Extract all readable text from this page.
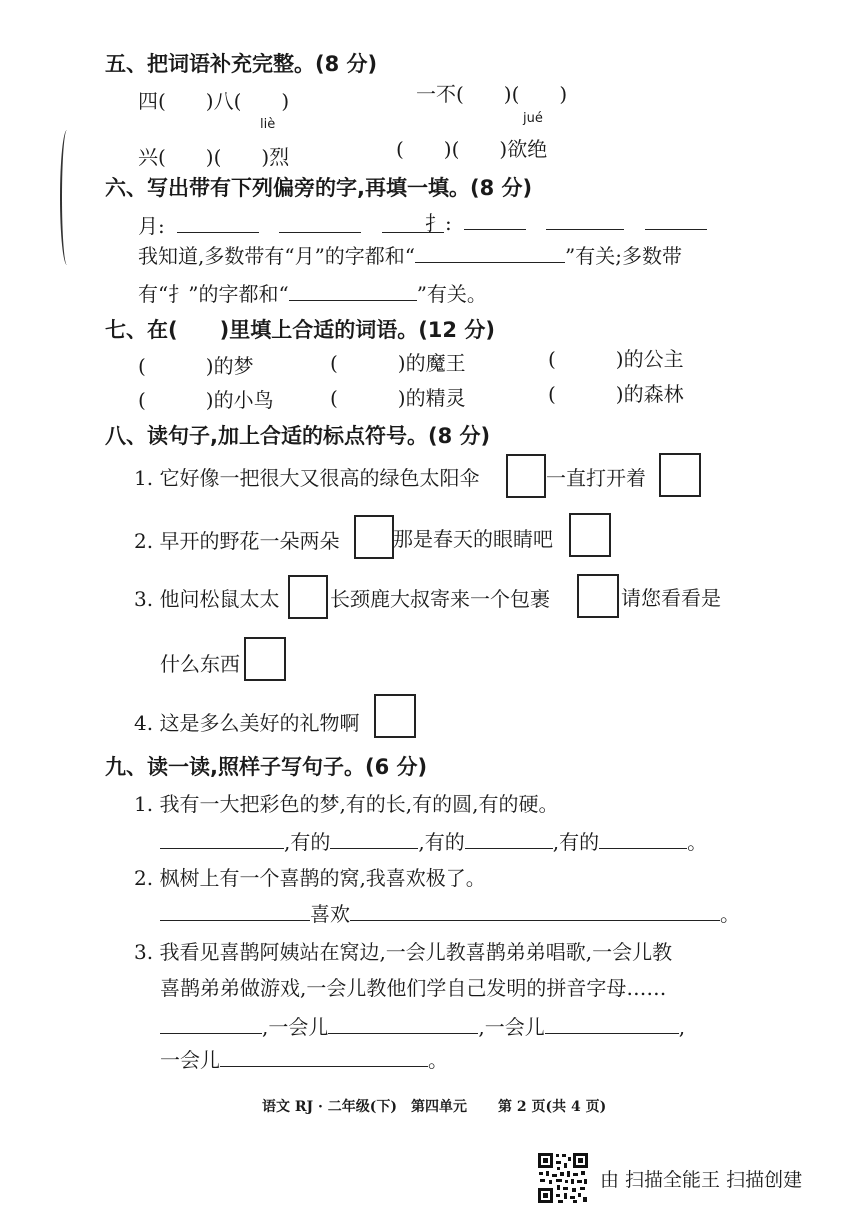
五、把词语补充完整。(8 分)
四(　　)八(　　)	一不(　　)(　　)
liè	jué
兴(　　)(　　)烈	(　　)(　　)欲绝
六、写出带有下列偏旁的字,再填一填。(8 分)
月:	扌:
我知道,多数带有“月”的字都和“	”有关;多数带
有“扌”的字都和“	”有关。
七、在(　　)里填上合适的词语。(12 分)
(　　　)的梦	(　　　)的魔王	(　　　)的公主
(　　　)的小鸟	(　　　)的精灵	(　　　)的森林
八、读句子,加上合适的标点符号。(8 分)
1. 它好像一把很大又很高的绿色太阳伞	一直打开着
2. 早开的野花一朵两朵	那是春天的眼睛吧
3. 他问松鼠太太	长颈鹿大叔寄来一个包裹	请您看看是
什么东西
4. 这是多么美好的礼物啊
九、读一读,照样子写句子。(6 分)
1. 我有一大把彩色的梦,有的长,有的圆,有的硬。
,有的	,有的	,有的	。
2. 枫树上有一个喜鹊的窝,我喜欢极了。
喜欢	。
3. 我看见喜鹊阿姨站在窝边,一会儿教喜鹊弟弟唱歌,一会儿教
喜鹊弟弟做游戏,一会儿教他们学自己发明的拼音字母……
,一会儿	,一会儿	,
一会儿	。
语文 RJ · 二年级(下)　第四单元 第 2 页(共 4 页)
由 扫描全能王 扫描创建
